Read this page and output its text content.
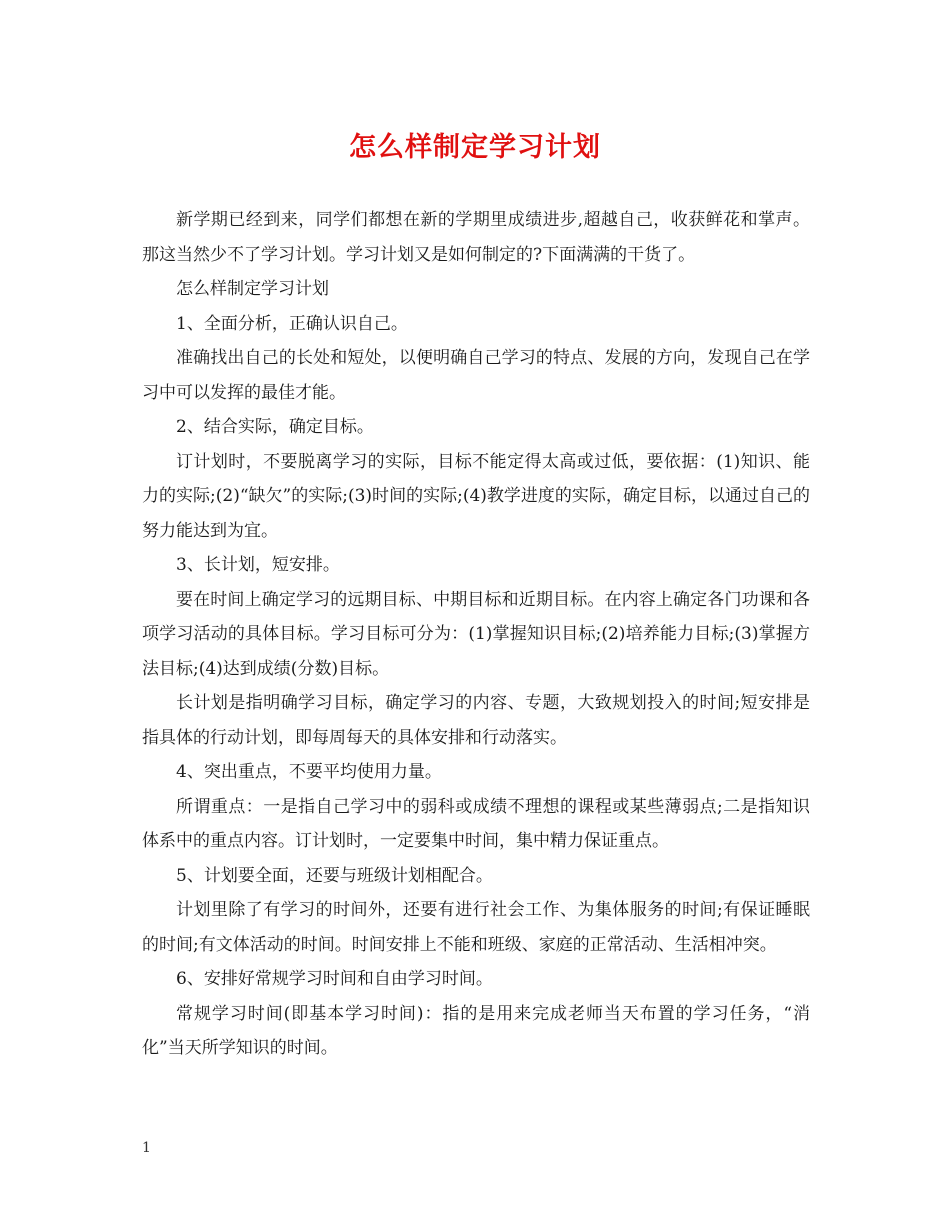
怎么样制定学习计划

新学期已经到来，同学们都想在新的学期里成绩进步,超越自己，收获鲜花和掌声。那这当然少不了学习计划。学习计划又是如何制定的?下面满满的干货了。

怎么样制定学习计划

1、全面分析，正确认识自己。

准确找出自己的长处和短处，以便明确自己学习的特点、发展的方向，发现自己在学习中可以发挥的最佳才能。

2、结合实际，确定目标。

订计划时，不要脱离学习的实际，目标不能定得太高或过低，要依据：(1)知识、能力的实际;(2)“缺欠”的实际;(3)时间的实际;(4)教学进度的实际，确定目标，以通过自己的努力能达到为宜。

3、长计划，短安排。

要在时间上确定学习的远期目标、中期目标和近期目标。在内容上确定各门功课和各项学习活动的具体目标。学习目标可分为：(1)掌握知识目标;(2)培养能力目标;(3)掌握方法目标;(4)达到成绩(分数)目标。

长计划是指明确学习目标，确定学习的内容、专题，大致规划投入的时间;短安排是指具体的行动计划，即每周每天的具体安排和行动落实。

4、突出重点，不要平均使用力量。

所谓重点：一是指自己学习中的弱科或成绩不理想的课程或某些薄弱点;二是指知识体系中的重点内容。订计划时，一定要集中时间，集中精力保证重点。

5、计划要全面，还要与班级计划相配合。

计划里除了有学习的时间外，还要有进行社会工作、为集体服务的时间;有保证睡眠的时间;有文体活动的时间。时间安排上不能和班级、家庭的正常活动、生活相冲突。

6、安排好常规学习时间和自由学习时间。

常规学习时间(即基本学习时间)：指的是用来完成老师当天布置的学习任务，“消化”当天所学知识的时间。

1
